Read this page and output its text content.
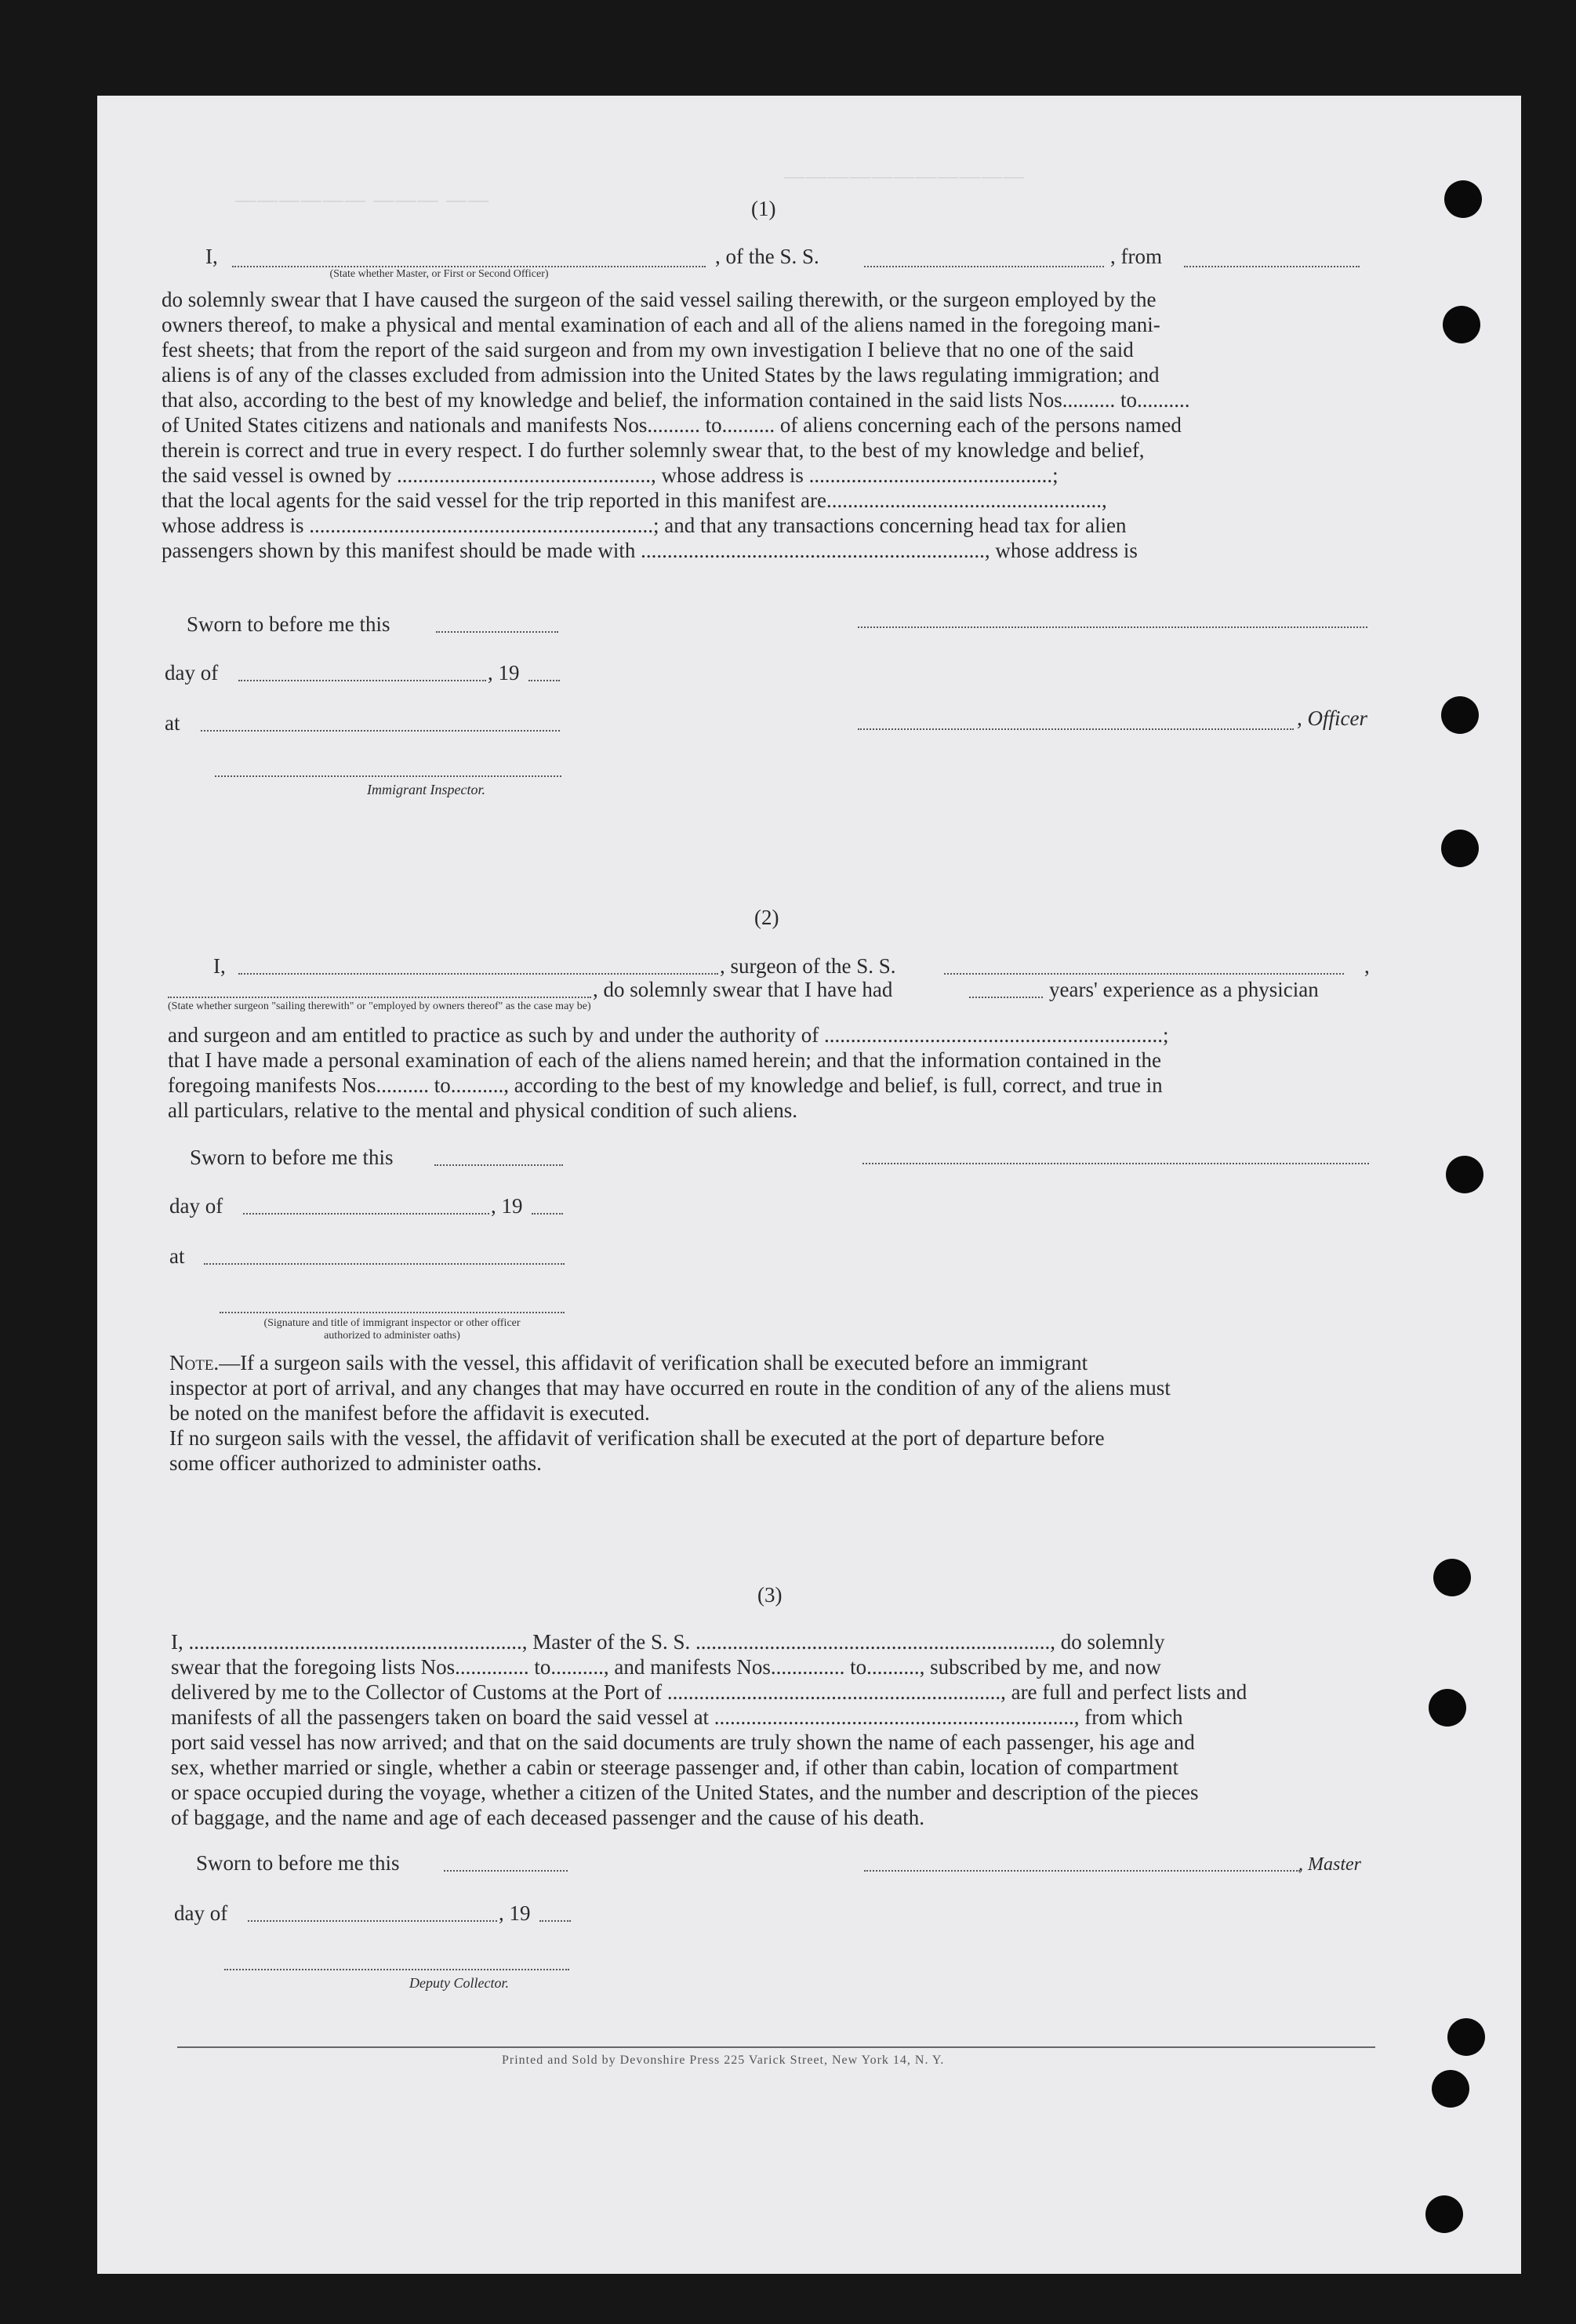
—————— ——— ——
———————————
(1)
I,	, of the S. S.	, from
(State whether Master, or First or Second Officer)
do solemnly swear that I have caused the surgeon of the said vessel sailing therewith, or the surgeon employed by the
owners thereof, to make a physical and mental examination of each and all of the aliens named in the foregoing mani-
fest sheets; that from the report of the said surgeon and from my own investigation I believe that no one of the said
aliens is of any of the classes excluded from admission into the United States by the laws regulating immigration; and
that also, according to the best of my knowledge and belief, the information contained in the said lists Nos.......... to..........
of United States citizens and nationals and manifests Nos.......... to.......... of aliens concerning each of the persons named
therein is correct and true in every respect. I do further solemnly swear that, to the best of my knowledge and belief,
the said vessel is owned by ................................................, whose address is ..............................................;
that the local agents for the said vessel for the trip reported in this manifest are....................................................,
whose address is .................................................................; and that any transactions concerning head tax for alien
passengers shown by this manifest should be made with ................................................................., whose address is
Sworn to before me this
day of	, 19
at	, Officer
Immigrant Inspector.
(2)
I,	, surgeon of the S. S.	,
, do solemnly swear that I have had	years' experience as a physician
(State whether surgeon "sailing therewith" or "employed by owners thereof" as the case may be)
and surgeon and am entitled to practice as such by and under the authority of ................................................................;
that I have made a personal examination of each of the aliens named herein; and that the information contained in the
foregoing manifests Nos.......... to.........., according to the best of my knowledge and belief, is full, correct, and true in
all particulars, relative to the mental and physical condition of such aliens.
Sworn to before me this
day of	, 19
at
(Signature and title of immigrant inspector or other officer authorized to administer oaths)
Note.—If a surgeon sails with the vessel, this affidavit of verification shall be executed before an immigrant
inspector at port of arrival, and any changes that may have occurred en route in the condition of any of the aliens must
be noted on the manifest before the affidavit is executed.
If no surgeon sails with the vessel, the affidavit of verification shall be executed at the port of departure before
some officer authorized to administer oaths.
(3)
I, ..............................................................., Master of the S. S. ..................................................................., do solemnly
swear that the foregoing lists Nos.............. to.........., and manifests Nos.............. to.........., subscribed by me, and now
delivered by me to the Collector of Customs at the Port of ..............................................................., are full and perfect lists and
manifests of all the passengers taken on board the said vessel at ...................................................................., from which
port said vessel has now arrived; and that on the said documents are truly shown the name of each passenger, his age and
sex, whether married or single, whether a cabin or steerage passenger and, if other than cabin, location of compartment
or space occupied during the voyage, whether a citizen of the United States, and the number and description of the pieces
of baggage, and the name and age of each deceased passenger and the cause of his death.
Sworn to before me this	, Master
day of	, 19
Deputy Collector.
Printed and Sold by Devonshire Press 225 Varick Street, New York 14, N. Y.
